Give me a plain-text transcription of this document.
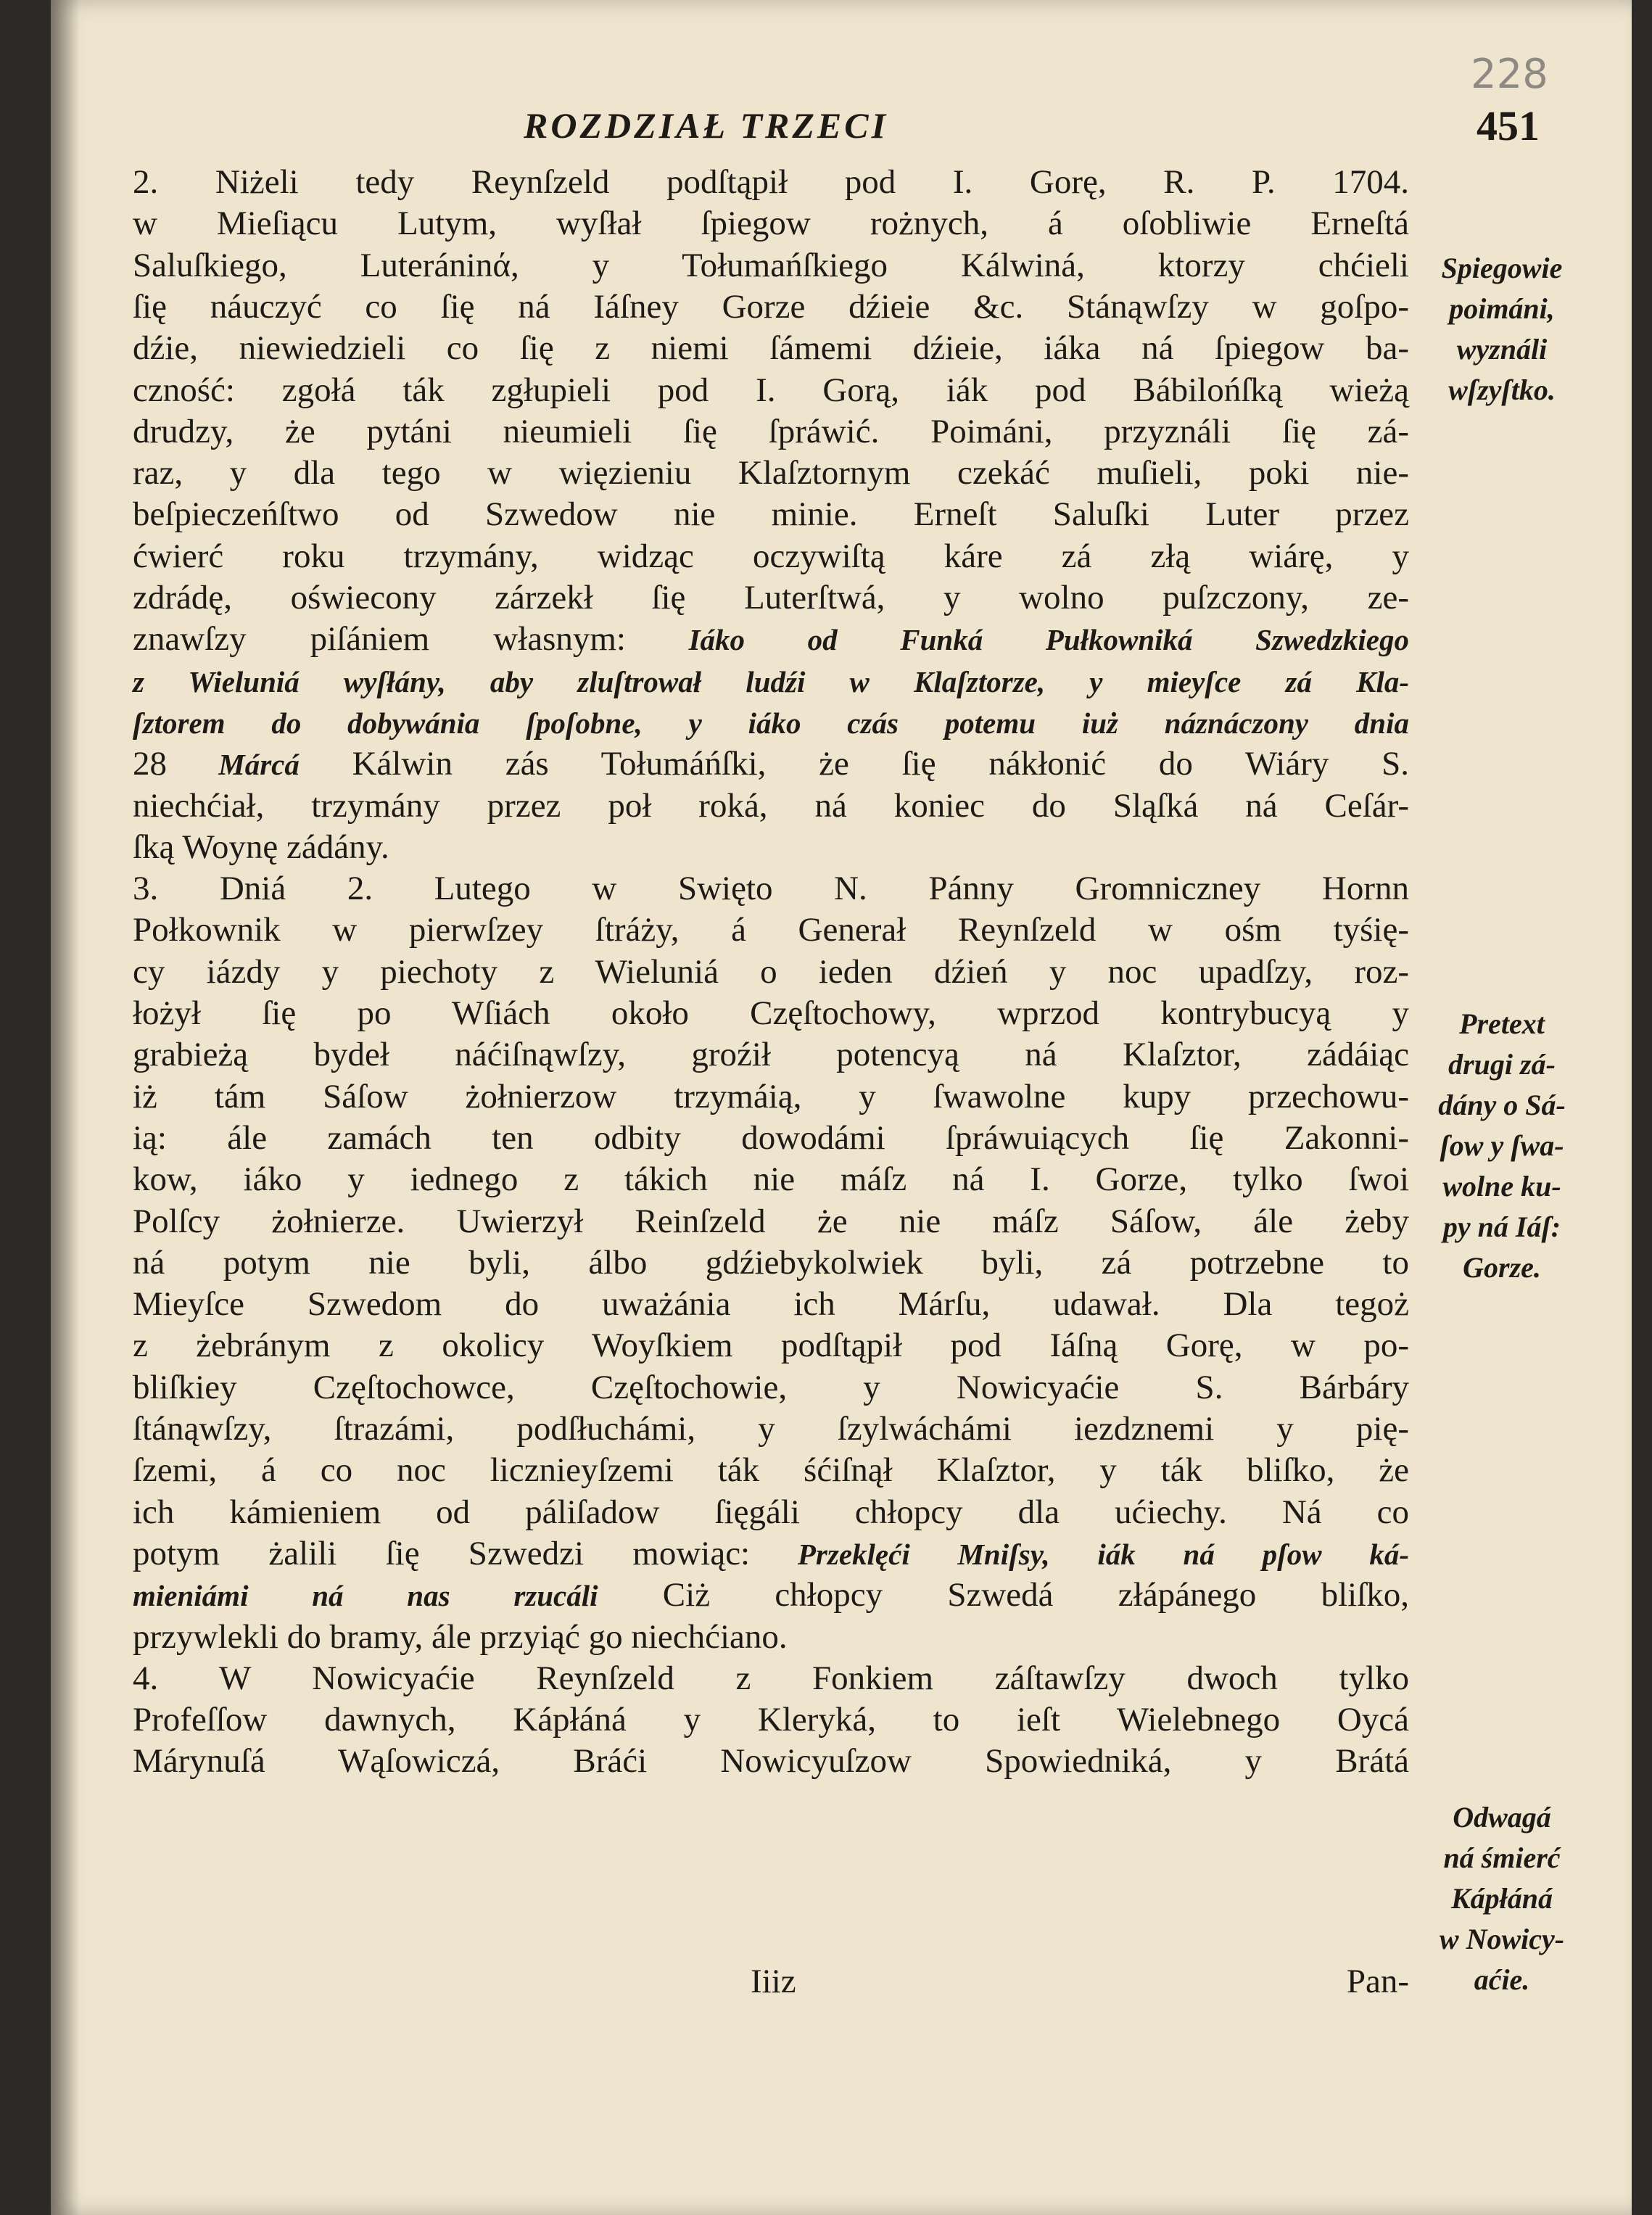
228
ROZDZIAŁ TRZECI	451
2. Niżeli tedy Reynſzeld podſtąpił pod I. Gorę, R. P. 1704.
w Mieſiącu Lutym, wyſłał ſpiegow rożnych, á oſobliwie Erneſtá
Saluſkiego, Luteráninά, y Tołumańſkiego Kálwiná, ktorzy chćieli
ſię náuczyć co ſię ná Iáſney Gorze dźieie &c. Stánąwſzy w goſpo-
dźie, niewiedzieli co ſię z niemi ſámemi dźieie, iáka ná ſpiegow ba-
czność: zgołá ták zgłupieli pod I. Gorą, iák pod Bábilońſką wieżą
drudzy, że pytáni nieumieli ſię ſpráwić. Poimáni, przyználi ſię zá-
raz, y dla tego w więzieniu Klaſztornym czekáć muſieli, poki nie-
beſpieczeńſtwo od Szwedow nie minie. Erneſt Saluſki Luter przez
ćwierć roku trzymány, widząc oczywiſtą káre zá złą wiárę, y
zdrádę, oświecony zárzekł ſię Luterſtwá, y wolno puſzczony, ze-
znawſzy piſániem własnym: Iáko od Funká Pułkowniká Szwedzkiego
z Wieluniá wyſłány, aby zluſtrował ludźi w Klaſztorze, y mieyſce zá Kla-
ſztorem do dobywánia ſpoſobne, y iáko czás potemu iuż náznáczony dnia
28 Márcá Kálwin zás Tołumáńſki, że ſię nákłonić do Wiáry S.
niechćiał, trzymány przez poł roká, ná koniec do Sląſká ná Ceſár-
ſką Woynę zádány.
3. Dniá 2. Lutego w Swięto N. Pánny Gromniczney Hornn
Połkownik w pierwſzey ſtráży, á Generał Reynſzeld w ośm tyśię-
cy iázdy y piechoty z Wieluniá o ieden dźień y noc upadſzy, roz-
łożył ſię po Wſiách około Częſtochowy, wprzod kontrybucyą y
grabieżą bydeł náćiſnąwſzy, groźił potencyą ná Klaſztor, zádáiąc
iż tám Sáſow żołnierzow trzymáią, y ſwawolne kupy przechowu-
ią: ále zamách ten odbity dowodámi ſpráwuiących ſię Zakonni-
kow, iáko y iednego z tákich nie máſz ná I. Gorze, tylko ſwoi
Polſcy żołnierze. Uwierzył Reinſzeld że nie máſz Sáſow, ále żeby
ná potym nie byli, álbo gdźiebykolwiek byli, zá potrzebne to
Mieyſce Szwedom do uważánia ich Márſu, udawał. Dla tegoż
z żebránym z okolicy Woyſkiem podſtąpił pod Iáſną Gorę, w po-
bliſkiey Częſtochowce, Częſtochowie, y Nowicyaćie S. Bárbáry
ſtánąwſzy, ſtrazámi, podſłuchámi, y ſzylwáchámi iezdznemi y pię-
ſzemi, á co noc licznieyſzemi ták śćiſnął Klaſztor, y ták bliſko, że
ich kámieniem od páliſadow ſięgáli chłopcy dla ućiechy. Ná co
potym żalili ſię Szwedzi mowiąc: Przeklęći Mniſsy, iák ná pſow ká-
mieniámi ná nas rzucáli Ciż chłopcy Szwedá złápánego bliſko,
przywlekli do bramy, ále przyiąć go niechćiano.
4. W Nowicyaćie Reynſzeld z Fonkiem záſtawſzy dwoch tylko
Profeſſow dawnych, Kápłáná y Kleryká, to ieſt Wielebnego Oycá
Márynuſá Wąſowiczá, Bráći Nowicyuſzow Spowiedniká, y Brátá
Spiegowie
poimáni,
wyználi
wſzyſtko.
Pretext
drugi zá-
dány o Sá-
ſow y ſwa-
wolne ku-
py ná Iáſ:
Gorze.
Odwagá
ná śmierć
Kápłáná
w Nowicy-
aćie.
Iiiz	Pan-
